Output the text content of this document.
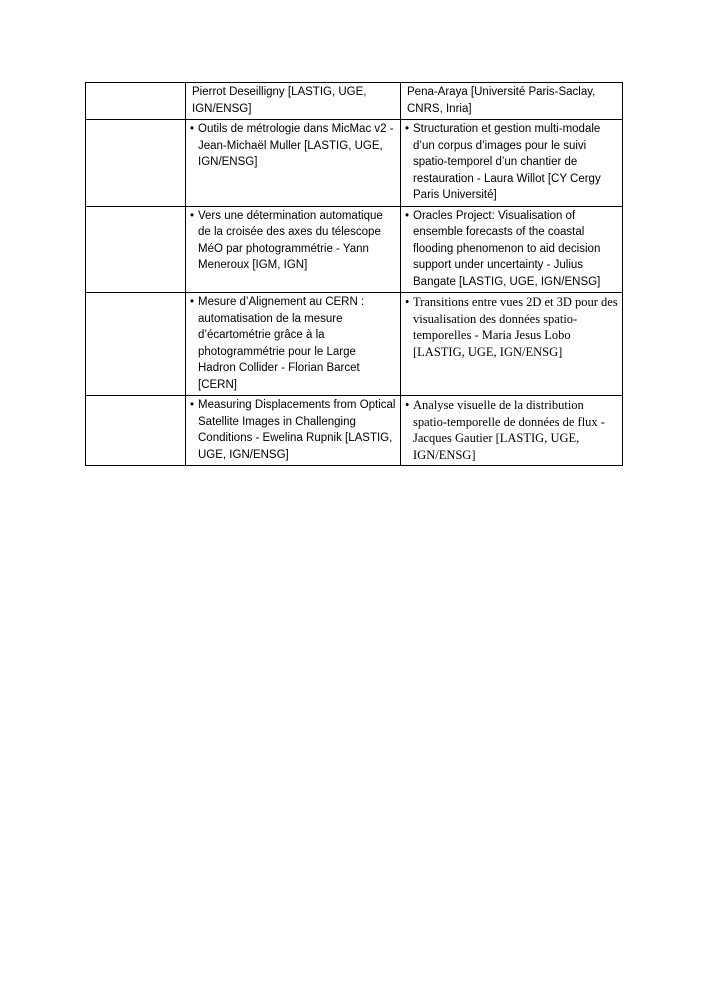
	Pierrot Deseilligny [LASTIG, UGE, IGN/ENSG]	Pena-Araya [Université Paris-Saclay, CNRS, Inria]

	• Outils de métrologie dans MicMac v2 - Jean-Michaël Muller [LASTIG, UGE, IGN/ENSG]	• Structuration et gestion multi-modale d’un corpus d’images pour le suivi spatio-temporel d’un chantier de restauration - Laura Willot [CY Cergy Paris Université]

	• Vers une détermination automatique de la croisée des axes du télescope MéO par photogrammétrie - Yann Meneroux [IGM, IGN]	• Oracles Project: Visualisation of ensemble forecasts of the coastal flooding phenomenon to aid decision support under uncertainty - Julius Bangate [LASTIG, UGE, IGN/ENSG]

	• Mesure d’Alignement au CERN : automatisation de la mesure d’écartométrie grâce à la photogrammétrie pour le Large Hadron Collider - Florian Barcet [CERN]	• Transitions entre vues 2D et 3D pour des visualisation des données spatio-temporelles - Maria Jesus Lobo [LASTIG, UGE, IGN/ENSG]

	• Measuring Displacements from Optical Satellite Images in Challenging Conditions - Ewelina Rupnik [LASTIG, UGE, IGN/ENSG]	• Analyse visuelle de la distribution spatio-temporelle de données de flux - Jacques Gautier [LASTIG, UGE, IGN/ENSG]
